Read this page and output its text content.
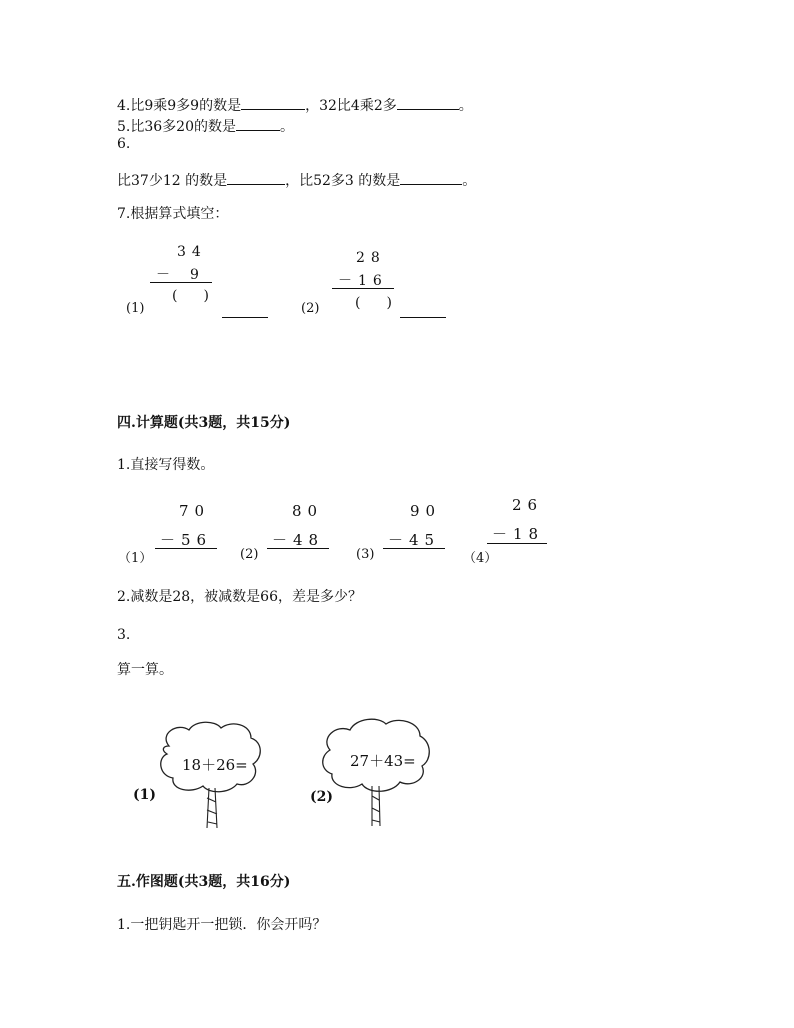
4.比9乘9多9的数是	，32比4乘2多	。
5.比36多20的数是	。
6.
比37少12 的数是	，比52多3 的数是	。
7.根据算式填空：
34
－ 9
(　)
(1)
28
－16
(　)
(2)
四.计算题(共3题，共15分)
1.直接写得数。
70
－56
（1）
80
－48
(2)
90
－45
(3)
26
－18
（4）
2.减数是28，被减数是66，差是多少？
3.
算一算。
18＋26=
(1)
27＋43=
(2)
五.作图题(共3题，共16分)
1.一把钥匙开一把锁．你会开吗？
